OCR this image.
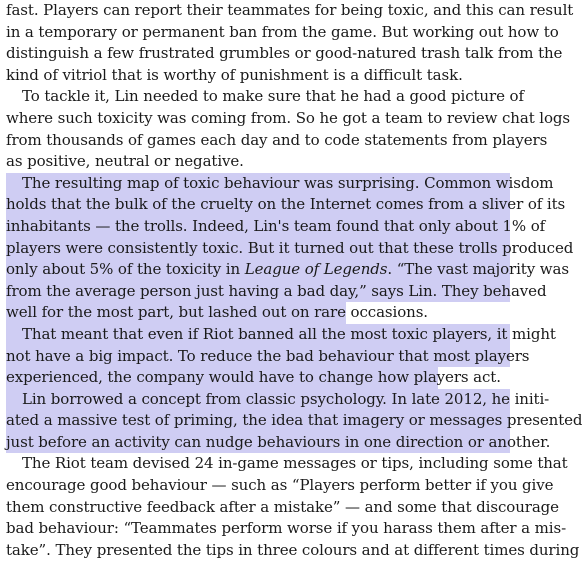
fast. Players can report their teammates for being toxic, and this can result
in a temporary or permanent ban from the game. But working out how to
distinguish a few frustrated grumbles or good-natured trash talk from the
kind of vitriol that is worthy of punishment is a difficult task.
To tackle it, Lin needed to make sure that he had a good picture of
where such toxicity was coming from. So he got a team to review chat logs
from thousands of games each day and to code statements from players
as positive, neutral or negative.
The resulting map of toxic behaviour was surprising. Common wisdom
holds that the bulk of the cruelty on the Internet comes from a sliver of its
inhabitants — the trolls. Indeed, Lin's team found that only about 1% of
players were consistently toxic. But it turned out that these trolls produced
only about 5% of the toxicity in League of Legends. “The vast majority was
from the average person just having a bad day,” says Lin. They behaved
well for the most part, but lashed out on rare occasions.
That meant that even if Riot banned all the most toxic players, it might
not have a big impact. To reduce the bad behaviour that most players
experienced, the company would have to change how players act.
Lin borrowed a concept from classic psychology. In late 2012, he initi-
ated a massive test of priming, the idea that imagery or messages presented
just before an activity can nudge behaviours in one direction or another.
The Riot team devised 24 in-game messages or tips, including some that
encourage good behaviour — such as “Players perform better if you give
them constructive feedback after a mistake” — and some that discourage
bad behaviour: “Teammates perform worse if you harass them after a mis-
take”. They presented the tips in three colours and at different times during
